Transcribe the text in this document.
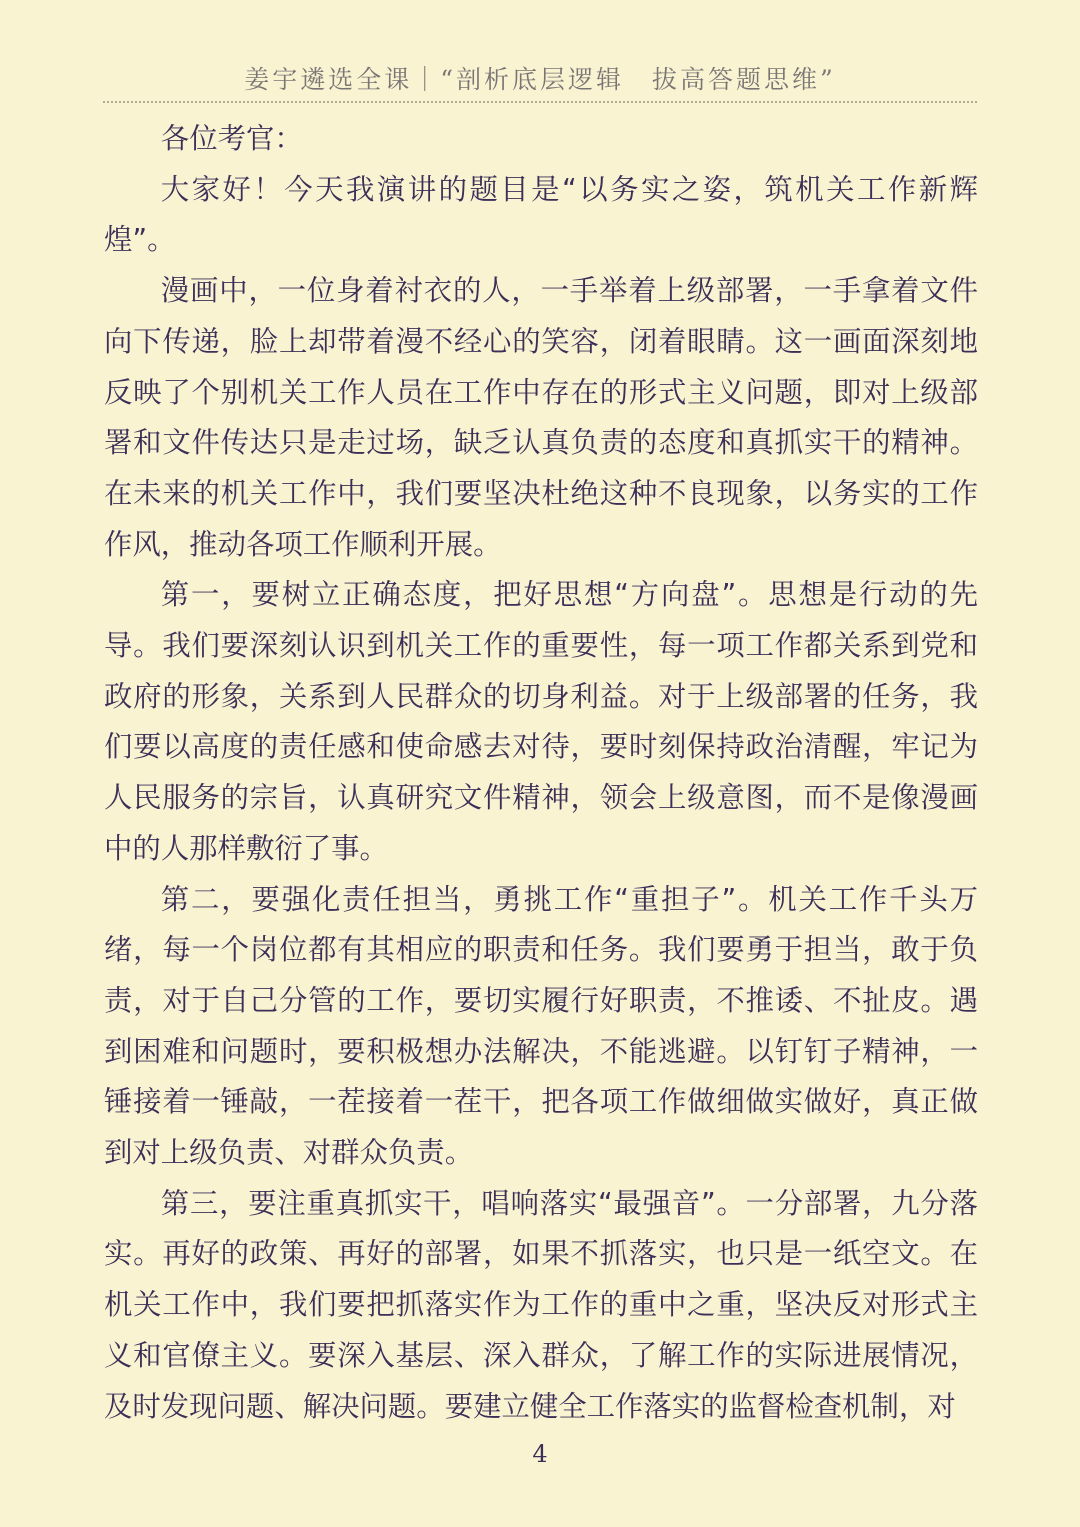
姜宇遴选全课｜“剖析底层逻辑　拔高答题思维”

各位考官：

大家好！今天我演讲的题目是“以务实之姿，筑机关工作新辉煌”。

漫画中，一位身着衬衣的人，一手举着上级部署，一手拿着文件向下传递，脸上却带着漫不经心的笑容，闭着眼睛。这一画面深刻地反映了个别机关工作人员在工作中存在的形式主义问题，即对上级部署和文件传达只是走过场，缺乏认真负责的态度和真抓实干的精神。在未来的机关工作中，我们要坚决杜绝这种不良现象，以务实的工作作风，推动各项工作顺利开展。

第一，要树立正确态度，把好思想“方向盘”。思想是行动的先导。我们要深刻认识到机关工作的重要性，每一项工作都关系到党和政府的形象，关系到人民群众的切身利益。对于上级部署的任务，我们要以高度的责任感和使命感去对待，要时刻保持政治清醒，牢记为人民服务的宗旨，认真研究文件精神，领会上级意图，而不是像漫画中的人那样敷衍了事。

第二，要强化责任担当，勇挑工作“重担子”。机关工作千头万绪，每一个岗位都有其相应的职责和任务。我们要勇于担当，敢于负责，对于自己分管的工作，要切实履行好职责，不推诿、不扯皮。遇到困难和问题时，要积极想办法解决，不能逃避。以钉钉子精神，一锤接着一锤敲，一茬接着一茬干，把各项工作做细做实做好，真正做到对上级负责、对群众负责。

第三，要注重真抓实干，唱响落实“最强音”。一分部署，九分落实。再好的政策、再好的部署，如果不抓落实，也只是一纸空文。在机关工作中，我们要把抓落实作为工作的重中之重，坚决反对形式主义和官僚主义。要深入基层、深入群众，了解工作的实际进展情况，及时发现问题、解决问题。要建立健全工作落实的监督检查机制，对

4
